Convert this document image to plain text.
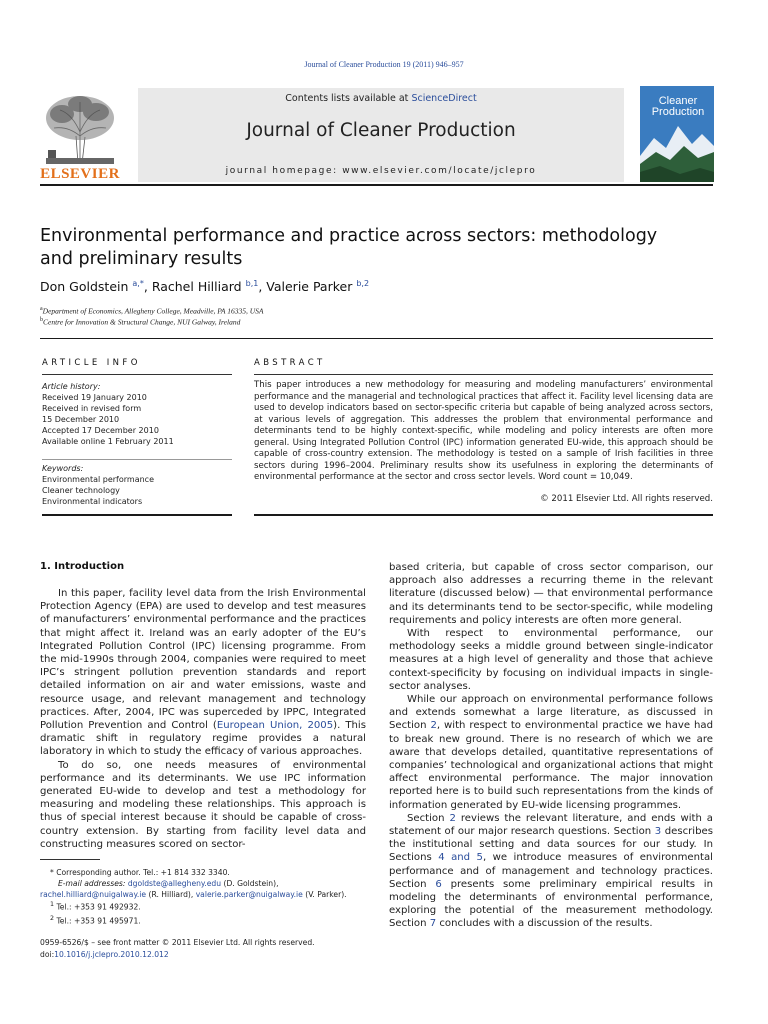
Journal of Cleaner Production 19 (2011) 946–957
ELSEVIER
Contents lists available at ScienceDirect
Journal of Cleaner Production
journal homepage: www.elsevier.com/locate/jclepro
Cleaner
Production
Environmental performance and practice across sectors: methodology
and preliminary results
Don Goldstein $^{a,*}$, Rachel Hilliard $^{b,1}$, Valerie Parker $^{b,2}$
$^a$Department of Economics, Allegheny College, Meadville, PA 16335, USA
$^b$Centre for Innovation & Structural Change, NUI Galway, Ireland
ARTICLE INFO
Article history:
Received 19 January 2010
Received in revised form
15 December 2010
Accepted 17 December 2010
Available online 1 February 2011
Keywords:
Environmental performance
Cleaner technology
Environmental indicators
ABSTRACT
This paper introduces a new methodology for measuring and modeling manufacturers’ environmental performance and the managerial and technological practices that affect it. Facility level licensing data are used to develop indicators based on sector-specific criteria but capable of being analyzed across sectors, at various levels of aggregation. This addresses the problem that environmental performance and determinants tend to be highly context-specific, while modeling and policy interests are often more general. Using Integrated Pollution Control (IPC) information generated EU-wide, this approach should be capable of cross-country extension. The methodology is tested on a sample of Irish facilities in three sectors during 1996–2004. Preliminary results show its usefulness in exploring the determinants of environmental performance at the sector and cross sector levels. Word count = 10,049.
© 2011 Elsevier Ltd. All rights reserved.
1. Introduction

In this paper, facility level data from the Irish Environmental Protection Agency (EPA) are used to develop and test measures of manufacturers’ environmental performance and the practices that might affect it. Ireland was an early adopter of the EU’s Integrated Pollution Control (IPC) licensing programme. From the mid-1990s through 2004, companies were required to meet IPC’s stringent pollution prevention standards and report detailed information on air and water emissions, waste and resource usage, and relevant management and technology practices. After, 2004, IPC was superceded by IPPC, Integrated Pollution Prevention and Control (European Union, 2005). This dramatic shift in regulatory regime provides a natural laboratory in which to study the efficacy of various approaches.

To do so, one needs measures of environmental performance and its determinants. We use IPC information generated EU-wide to develop and test a methodology for measuring and modeling these relationships. This approach is thus of special interest because it should be capable of cross-country extension. By starting from facility level data and constructing measures scored on sector-

* Corresponding author. Tel.: +1 814 332 3340.
E-mail addresses: dgoldste@allegheny.edu (D. Goldstein),
rachel.hilliard@nuigalway.ie (R. Hilliard), valerie.parker@nuigalway.ie (V. Parker).
$^1$ Tel.: +353 91 492932.
$^2$ Tel.: +353 91 495971.
0959-6526/$ – see front matter © 2011 Elsevier Ltd. All rights reserved.
doi:10.1016/j.jclepro.2010.12.012

based criteria, but capable of cross sector comparison, our approach also addresses a recurring theme in the relevant literature (discussed below) — that environmental performance and its determinants tend to be sector-specific, while modeling requirements and policy interests are often more general.

With respect to environmental performance, our methodology seeks a middle ground between single-indicator measures at a high level of generality and those that achieve context-specificity by focusing on individual impacts in single-sector analyses.

While our approach on environmental performance follows and extends somewhat a large literature, as discussed in Section 2, with respect to environmental practice we have had to break new ground. There is no research of which we are aware that develops detailed, quantitative representations of companies’ technological and organizational actions that might affect environmental performance. The major innovation reported here is to build such representations from the kinds of information generated by EU-wide licensing programmes.

Section 2 reviews the relevant literature, and ends with a statement of our major research questions. Section 3 describes the institutional setting and data sources for our study. In Sections 4 and 5, we introduce measures of environmental performance and of management and technology practices. Section 6 presents some preliminary empirical results in modeling the determinants of environmental performance, exploring the potential of the measurement methodology. Section 7 concludes with a discussion of the results.
